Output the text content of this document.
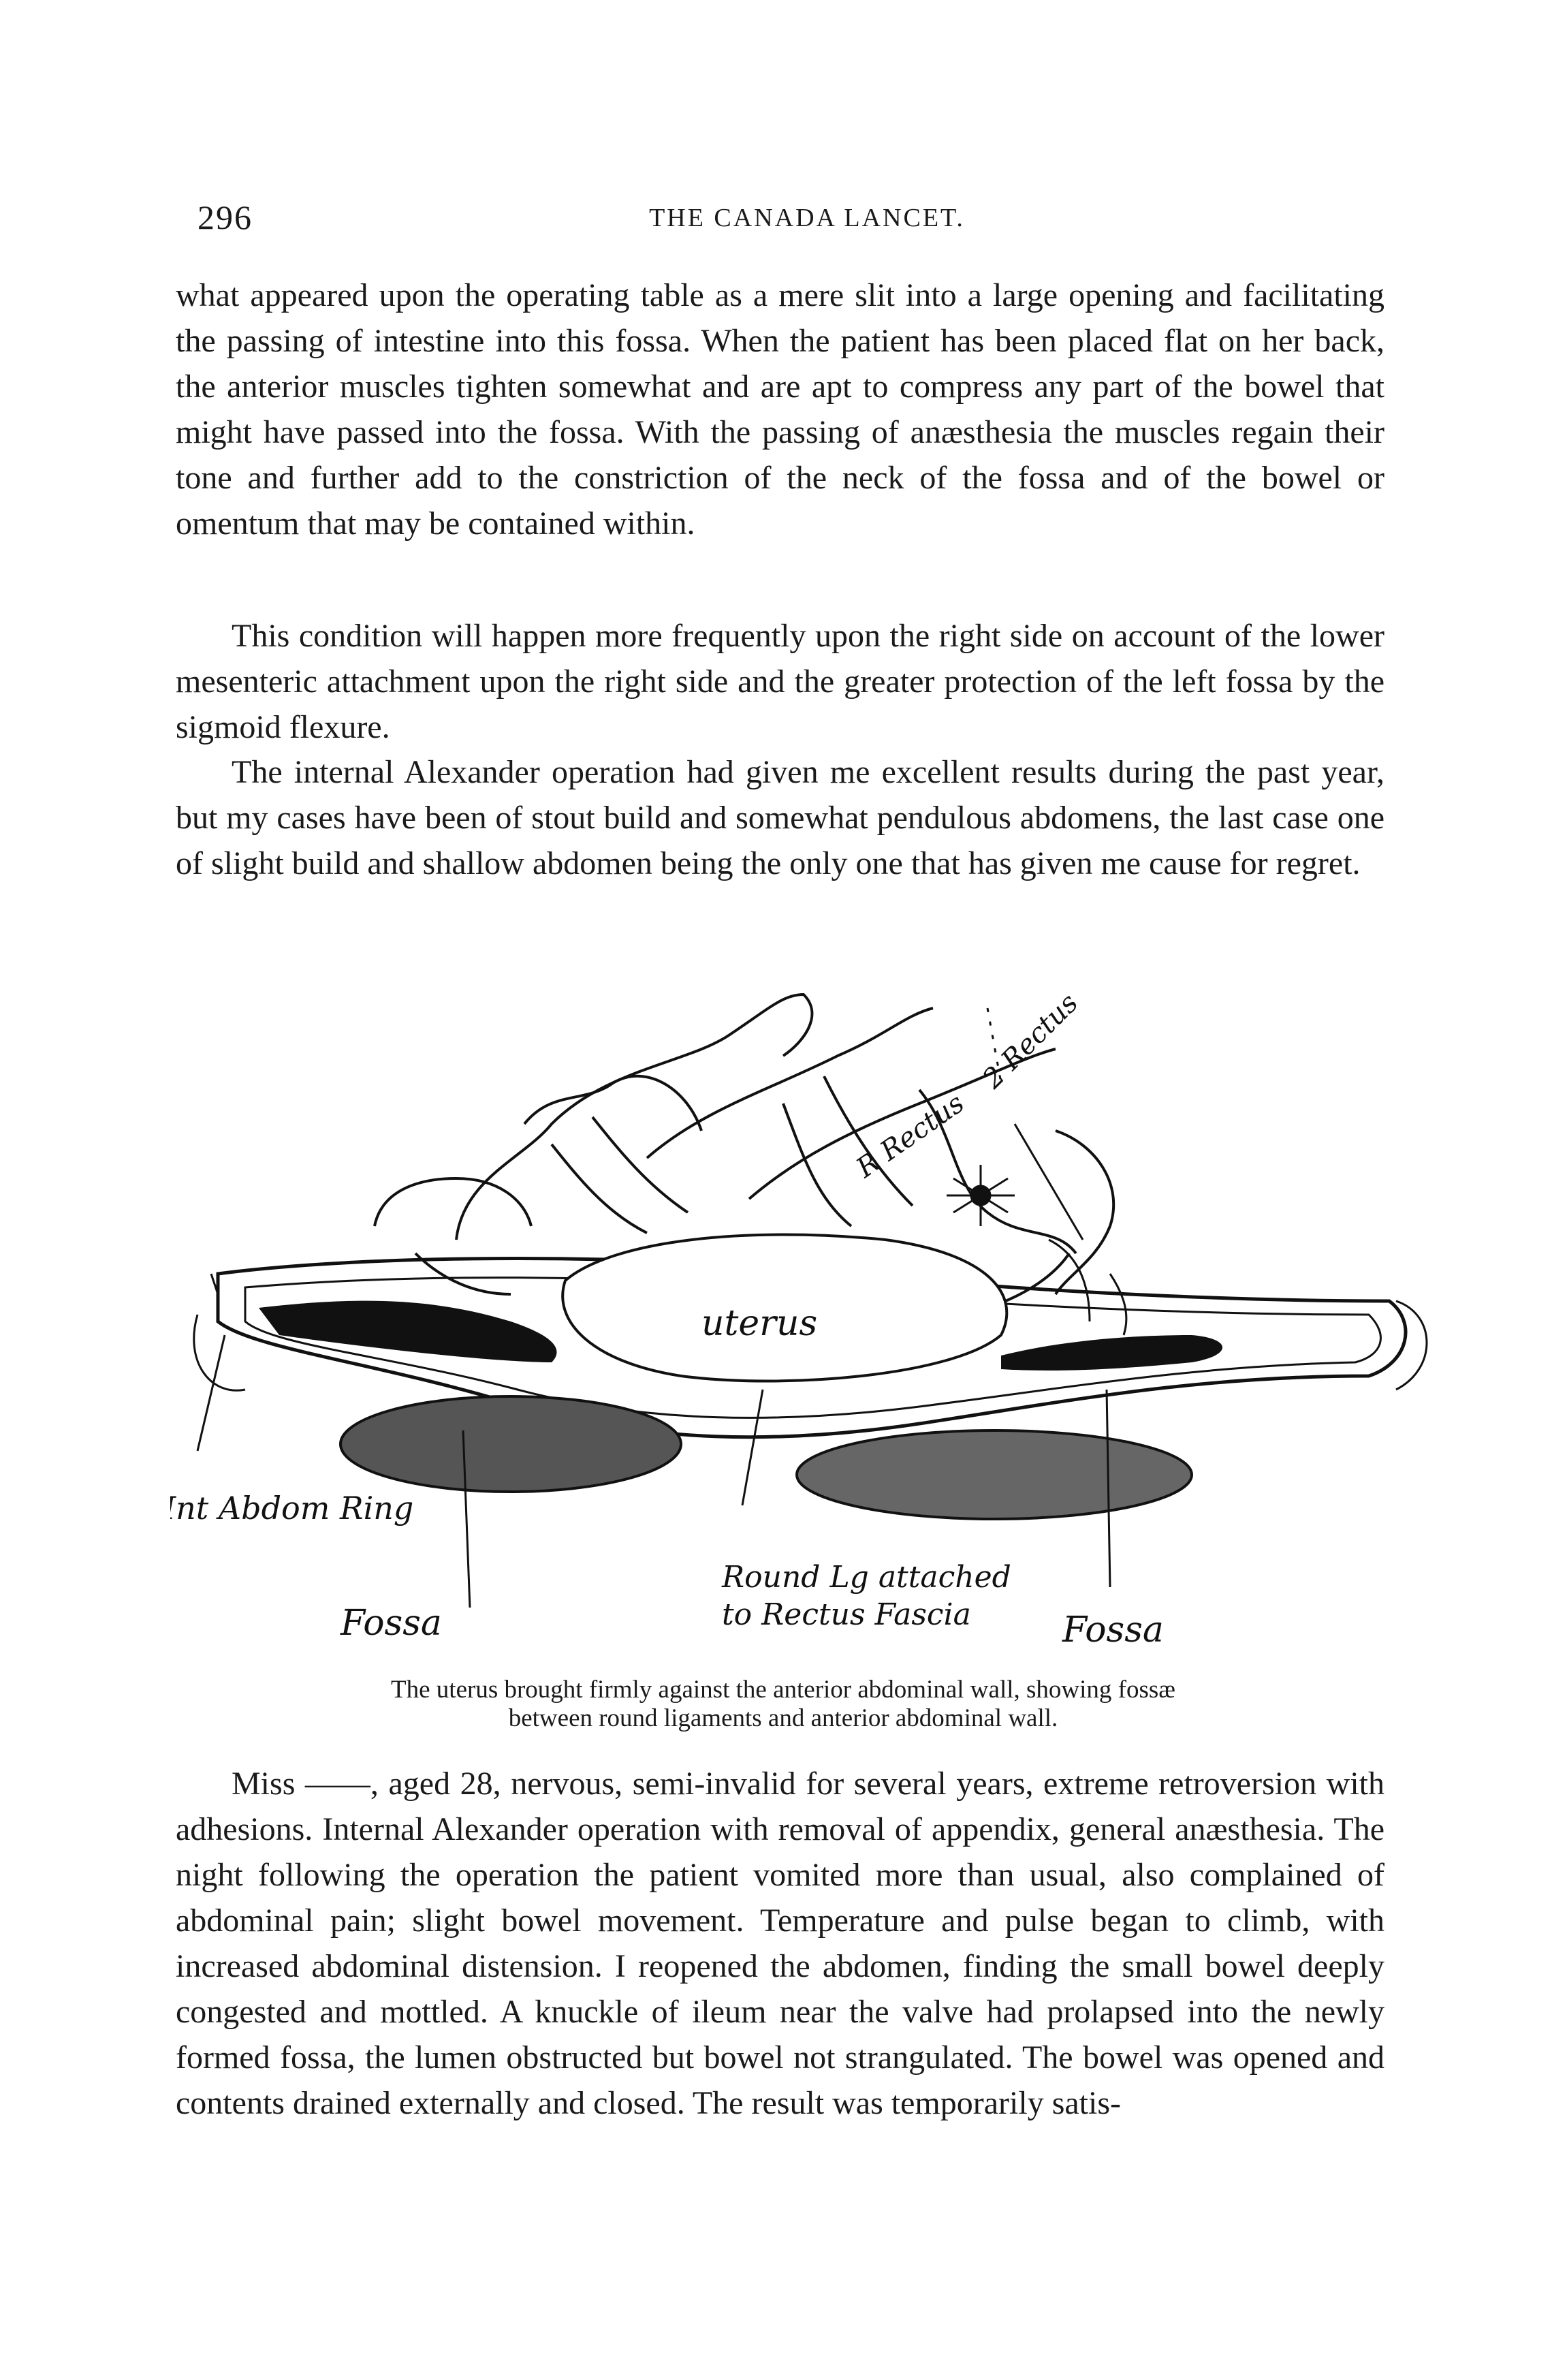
296	THE CANADA LANCET.

what appeared upon the operating table as a mere slit into a large opening and facilitating the passing of intestine into this fossa. When the patient has been placed flat on her back, the anterior muscles tighten somewhat and are apt to compress any part of the bowel that might have passed into the fossa. With the passing of anæsthesia the muscles regain their tone and further add to the constriction of the neck of the fossa and of the bowel or omentum that may be contained within.

This condition will happen more frequently upon the right side on account of the lower mesenteric attachment upon the right side and the greater protection of the left fossa by the sigmoid flexure.

The internal Alexander operation had given me excellent results during the past year, but my cases have been of stout build and somewhat pendulous abdomens, the last case one of slight build and shallow abdomen being the only one that has given me cause for regret.

uterus
Int Abdom Ring
Fossa
Round Lg attached
to Rectus Fascia	Fossa
R Rectus
2 Rectus
The uterus brought firmly against the anterior abdominal wall, showing fossæ
between round ligaments and anterior abdominal wall.

Miss ——, aged 28, nervous, semi-invalid for several years, extreme retroversion with adhesions. Internal Alexander operation with removal of appendix, general anæsthesia. The night following the operation the patient vomited more than usual, also complained of abdominal pain; slight bowel movement. Temperature and pulse began to climb, with increased abdominal distension. I reopened the abdomen, finding the small bowel deeply congested and mottled. A knuckle of ileum near the valve had prolapsed into the newly formed fossa, the lumen obstructed but bowel not strangulated. The bowel was opened and contents drained externally and closed. The result was temporarily satis-
